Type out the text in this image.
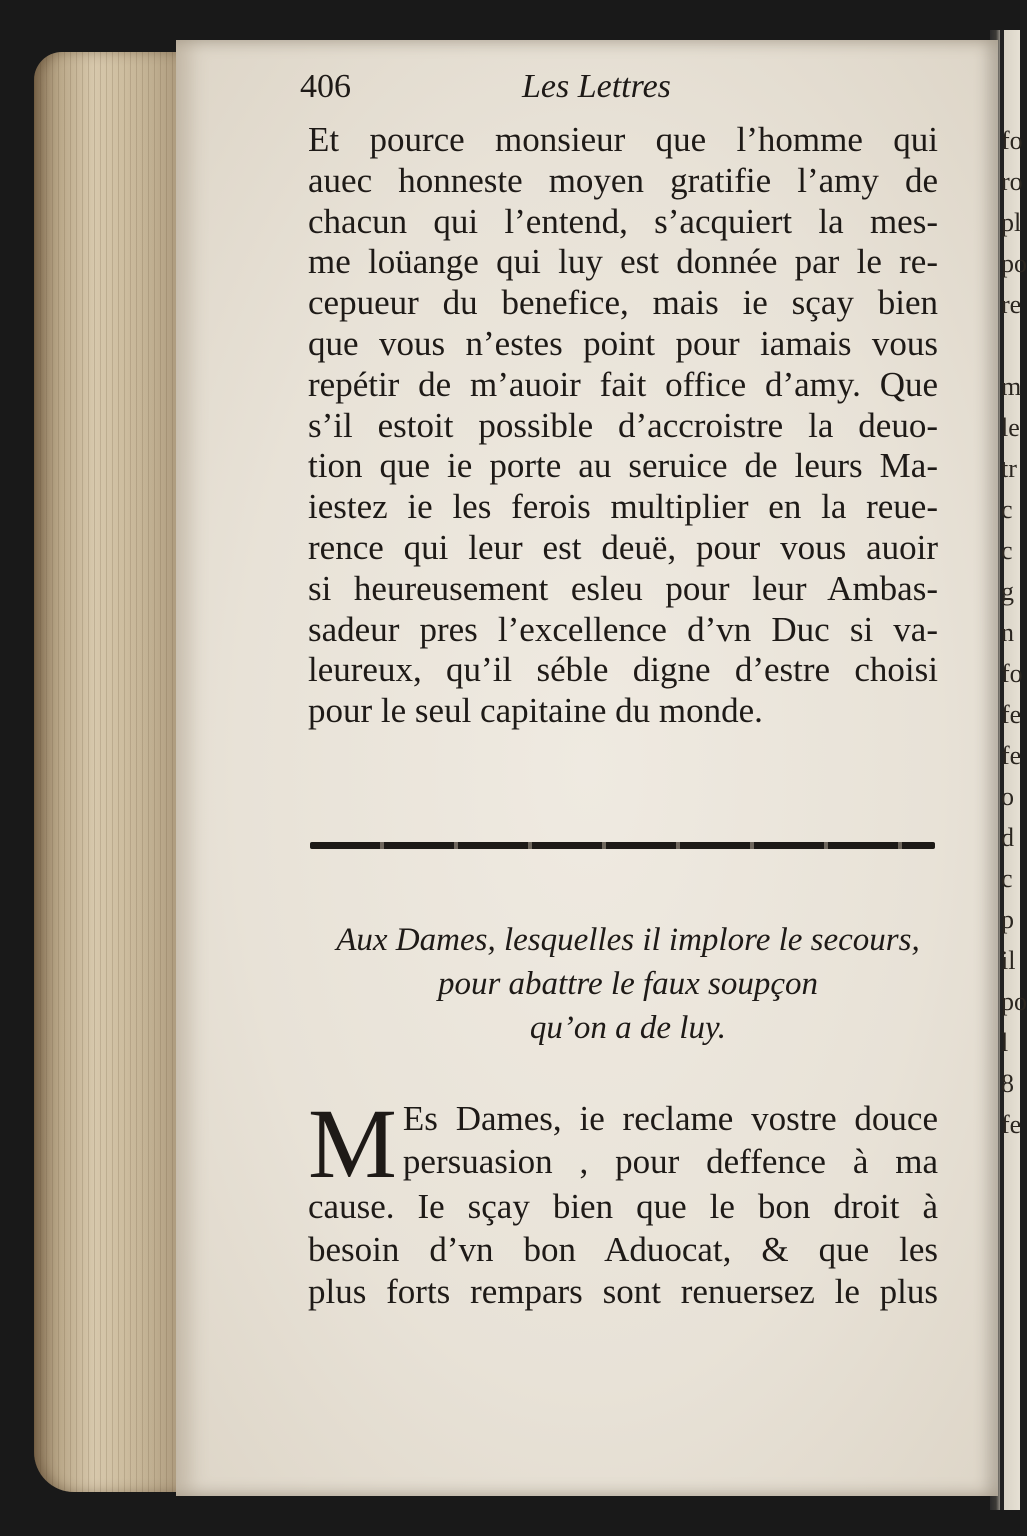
406	Les Lettres
Et pource monsieur que l’homme qui
auec honneste moyen gratifie l’amy de
chacun qui l’entend, s’acquiert la mes-
me loüange qui luy est donnée par le re-
cepueur du benefice, mais ie sçay bien
que vous n’estes point pour iamais vous
repétir de m’auoir fait office d’amy. Que
s’il estoit possible d’accroistre la deuo-
tion que ie porte au seruice de leurs Ma-
iestez ie les ferois multiplier en la reue-
rence qui leur est deuë, pour vous auoir
si heureusement esleu pour leur Ambas-
sadeur pres l’excellence d’vn Duc si va-
leureux, qu’il séble digne d’estre choisi
pour le seul capitaine du monde.
Aux Dames, lesquelles il implore le secours,
pour abattre le faux soupçon
qu’on a de luy.
M Es Dames, ie reclame vostre douce
persuasion , pour deffence à ma
cause. Ie sçay bien que le bon droit à
besoin d’vn bon Aduocat, & que les
plus forts rempars sont renuersez le plus
fo
ro
pl
po
re

m
le
tr
c
c
g
n
fo
fe
fe
o
d
c
p
il
po
l
8
fe
